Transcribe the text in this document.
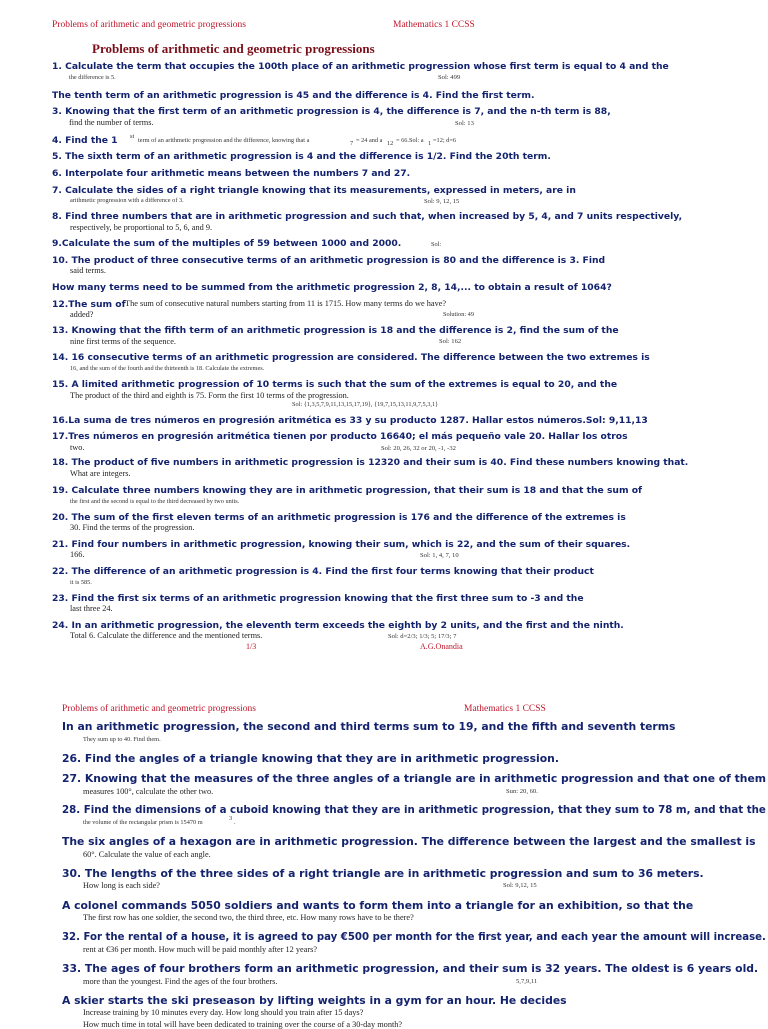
Problems of arithmetic and geometric progressions	Mathematics 1 CCSS
Problems of arithmetic and geometric progressions
1. Calculate the term that occupies the 100th place of an arithmetic progression whose first term is equal to 4 and the
the difference is 5.	Sol: 499
The tenth term of an arithmetic progression is 45 and the difference is 4. Find the first term.
3. Knowing that the first term of an arithmetic progression is 4, the difference is 7, and the n-th term is 88,
find the number of terms.	Sol: 13
4. Find the 1 st
term of an arithmetic progression and the difference, knowing that a	7 = 24 and a 12 = 66.Sol: a 1 =12; d=6
5. The sixth term of an arithmetic progression is 4 and the difference is 1/2. Find the 20th term.
6. Interpolate four arithmetic means between the numbers 7 and 27.
7. Calculate the sides of a right triangle knowing that its measurements, expressed in meters, are in
arithmetic progression with a difference of 3.	Sol: 9, 12, 15
8. Find three numbers that are in arithmetic progression and such that, when increased by 5, 4, and 7 units respectively,
respectively, be proportional to 5, 6, and 9.
9.Calculate the sum of the multiples of 59 between 1000 and 2000.	Sol:
10. The product of three consecutive terms of an arithmetic progression is 80 and the difference is 3. Find
said terms.
How many terms need to be summed from the arithmetic progression 2, 8, 14,... to obtain a result of 1064?
12.The sum of The sum of consecutive natural numbers starting from 11 is 1715. How many terms do we have?
added?	Solution: 49
13. Knowing that the fifth term of an arithmetic progression is 18 and the difference is 2, find the sum of the
nine first terms of the sequence.	Sol: 162
14. 16 consecutive terms of an arithmetic progression are considered. The difference between the two extremes is
16, and the sum of the fourth and the thirteenth is 18. Calculate the extremes.
15. A limited arithmetic progression of 10 terms is such that the sum of the extremes is equal to 20, and the
The product of the third and eighth is 75. Form the first 10 terms of the progression.
Sol: {1,3,5,7,9,11,13,15,17,19}, {19,7,15,13,11,9,7,5,3,1}
16.La suma de tres números en progresión aritmética es 33 y su producto 1287. Hallar estos números.Sol: 9,11,13
17.Tres números en progresión aritmética tienen por producto 16640; el más pequeño vale 20. Hallar los otros
two.	Sol: 20, 26, 32 or 20, -1, -32
18. The product of five numbers in arithmetic progression is 12320 and their sum is 40. Find these numbers knowing that.
What are integers.
19. Calculate three numbers knowing they are in arithmetic progression, that their sum is 18 and that the sum of
the first and the second is equal to the third decreased by two units.
20. The sum of the first eleven terms of an arithmetic progression is 176 and the difference of the extremes is
30. Find the terms of the progression.
21. Find four numbers in arithmetic progression, knowing their sum, which is 22, and the sum of their squares.
166.	Sol: 1, 4, 7, 10
22. The difference of an arithmetic progression is 4. Find the first four terms knowing that their product
it is 585.
23. Find the first six terms of an arithmetic progression knowing that the first three sum to -3 and the
last three 24.
24. In an arithmetic progression, the eleventh term exceeds the eighth by 2 units, and the first and the ninth.
Total 6. Calculate the difference and the mentioned terms.	Sol: d=2/3; 1/3; 5; 17/3; 7
1/3	A.G.Onandia
Problems of arithmetic and geometric progressions	Mathematics 1 CCSS
In an arithmetic progression, the second and third terms sum to 19, and the fifth and seventh terms
They sum up to 40. Find them.
26. Find the angles of a triangle knowing that they are in arithmetic progression.
27. Knowing that the measures of the three angles of a triangle are in arithmetic progression and that one of them
measures 100°, calculate the other two.	Sun: 20, 60.
28. Find the dimensions of a cuboid knowing that they are in arithmetic progression, that they sum to 78 m, and that the
the volume of the rectangular prism is 15470 m
3
.
The six angles of a hexagon are in arithmetic progression. The difference between the largest and the smallest is
60°. Calculate the value of each angle.
30. The lengths of the three sides of a right triangle are in arithmetic progression and sum to 36 meters.
How long is each side?	Sol: 9,12, 15
A colonel commands 5050 soldiers and wants to form them into a triangle for an exhibition, so that the
The first row has one soldier, the second two, the third three, etc. How many rows have to be there?
32. For the rental of a house, it is agreed to pay €500 per month for the first year, and each year the amount will increase.
rent at €36 per month. How much will be paid monthly after 12 years?
33. The ages of four brothers form an arithmetic progression, and their sum is 32 years. The oldest is 6 years old.
more than the youngest. Find the ages of the four brothers.	5,7,9,11
A skier starts the ski preseason by lifting weights in a gym for an hour. He decides
Increase training by 10 minutes every day. How long should you train after 15 days?
How much time in total will have been dedicated to training over the course of a 30-day month?
